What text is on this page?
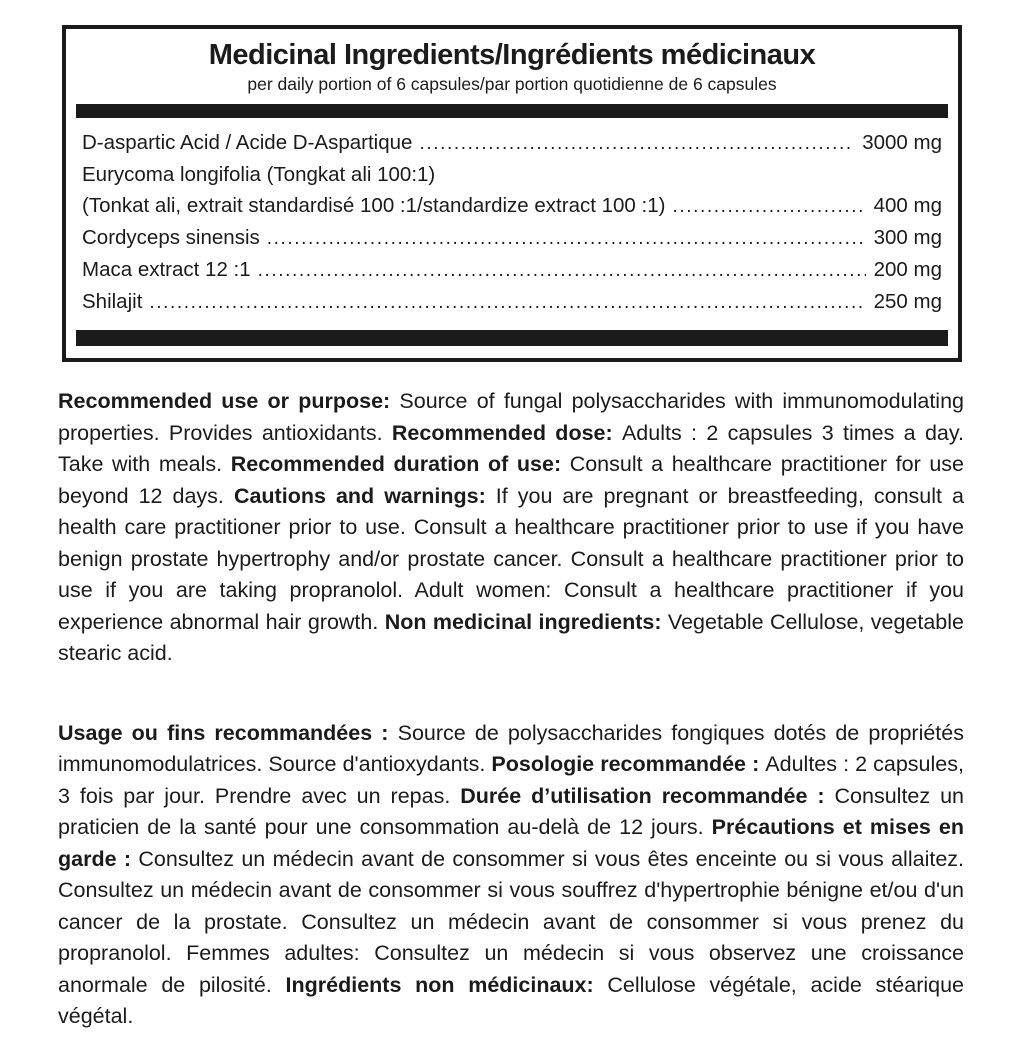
Medicinal Ingredients/Ingrédients médicinaux
per daily portion of 6 capsules/par portion quotidienne de 6 capsules
D-aspartic Acid / Acide D-Aspartique .....	3000 mg
Eurycoma longifolia (Tongkat ali 100:1)
(Tonkat ali, extrait standardisé 100 :1/standardize extract 100 :1) .....	400 mg
Cordyceps sinensis .....	300 mg
Maca extract 12 :1 .....	200 mg
Shilajit .....	250 mg

Recommended use or purpose: Source of fungal polysaccharides with immunomodulating properties. Provides antioxidants. Recommended dose: Adults : 2 capsules 3 times a day. Take with meals. Recommended duration of use: Consult a healthcare practitioner for use beyond 12 days. Cautions and warnings: If you are pregnant or breastfeeding, consult a health care practitioner prior to use. Consult a healthcare practitioner prior to use if you have benign prostate hypertrophy and/or prostate cancer. Consult a healthcare practitioner prior to use if you are taking propranolol. Adult women: Consult a healthcare practitioner if you experience abnormal hair growth. Non medicinal ingredients: Vegetable Cellulose, vegetable stearic acid.

Usage ou fins recommandées : Source de polysaccharides fongiques dotés de propriétés immunomodulatrices. Source d'antioxydants. Posologie recommandée : Adultes : 2 capsules, 3 fois par jour. Prendre avec un repas. Durée d’utilisation recommandée : Consultez un praticien de la santé pour une consommation au-delà de 12 jours. Précautions et mises en garde : Consultez un médecin avant de consommer si vous êtes enceinte ou si vous allaitez. Consultez un médecin avant de consommer si vous souffrez d'hypertrophie bénigne et/ou d'un cancer de la prostate. Consultez un médecin avant de consommer si vous prenez du propranolol. Femmes adultes: Consultez un médecin si vous observez une croissance anormale de pilosité. Ingrédients non médicinaux: Cellulose végétale, acide stéarique végétal.
